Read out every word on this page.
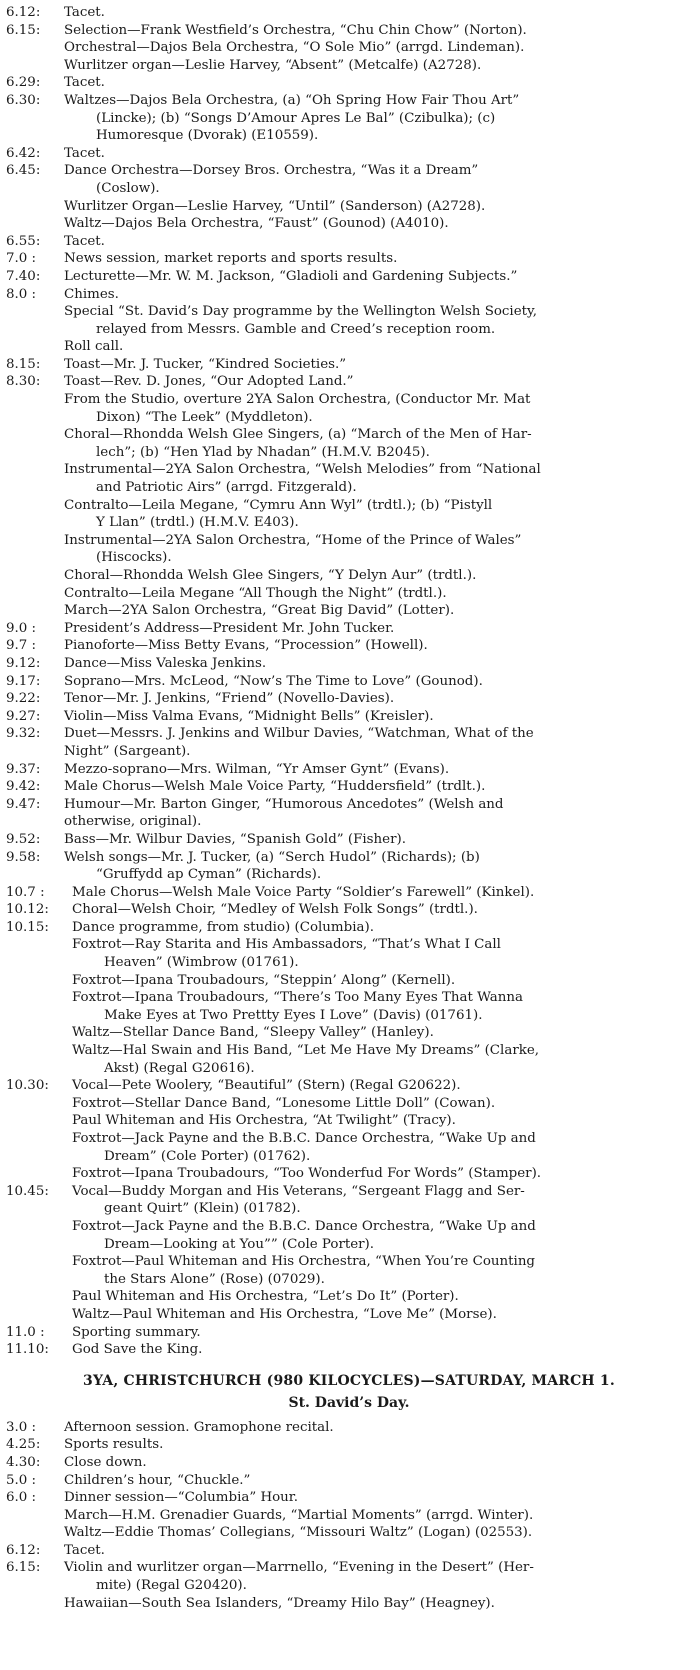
6.12:	Tacet.
6.15:	Selection—Frank Westfield’s Orchestra, “Chu Chin Chow” (Norton).
Orchestral—Dajos Bela Orchestra, “O Sole Mio” (arrgd. Lindeman).
Wurlitzer organ—Leslie Harvey, “Absent” (Metcalfe) (A2728).
6.29:	Tacet.
6.30:	Waltzes—Dajos Bela Orchestra, (a) “Oh Spring How Fair Thou Art”
(Lincke); (b) “Songs D’Amour Apres Le Bal” (Czibulka); (c)
Humoresque (Dvorak) (E10559).
6.42:	Tacet.
6.45:	Dance Orchestra—Dorsey Bros. Orchestra, “Was it a Dream”
(Coslow).
Wurlitzer Organ—Leslie Harvey, “Until” (Sanderson) (A2728).
Waltz—Dajos Bela Orchestra, “Faust” (Gounod) (A4010).
6.55:	Tacet.
7.0 :	News session, market reports and sports results.
7.40:	Lecturette—Mr. W. M. Jackson, “Gladioli and Gardening Subjects.”
8.0 :	Chimes.
Special “St. David’s Day programme by the Wellington Welsh Society,
relayed from Messrs. Gamble and Creed’s reception room.
Roll call.
8.15:	Toast—Mr. J. Tucker, “Kindred Societies.”
8.30:	Toast—Rev. D. Jones, “Our Adopted Land.”
From the Studio, overture 2YA Salon Orchestra, (Conductor Mr. Mat
Dixon) “The Leek” (Myddleton).
Choral—Rhondda Welsh Glee Singers, (a) “March of the Men of Har-
lech”; (b) “Hen Ylad by Nhadan” (H.M.V. B2045).
Instrumental—2YA Salon Orchestra, “Welsh Melodies” from “National
and Patriotic Airs” (arrgd. Fitzgerald).
Contralto—Leila Megane, “Cymru Ann Wyl” (trdtl.); (b) “Pistyll
Y Llan” (trdtl.) (H.M.V. E403).
Instrumental—2YA Salon Orchestra, “Home of the Prince of Wales”
(Hiscocks).
Choral—Rhondda Welsh Glee Singers, “Y Delyn Aur” (trdtl.).
Contralto—Leila Megane “All Though the Night” (trdtl.).
March—2YA Salon Orchestra, “Great Big David” (Lotter).
9.0 :	President’s Address—President Mr. John Tucker.
9.7 :	Pianoforte—Miss Betty Evans, “Procession” (Howell).
9.12:	Dance—Miss Valeska Jenkins.
9.17:	Soprano—Mrs. McLeod, “Now’s The Time to Love” (Gounod).
9.22:	Tenor—Mr. J. Jenkins, “Friend” (Novello-Davies).
9.27:	Violin—Miss Valma Evans, “Midnight Bells” (Kreisler).
9.32:	Duet—Messrs. J. Jenkins and Wilbur Davies, “Watchman, What of the
Night” (Sargeant).
9.37:	Mezzo-soprano—Mrs. Wilman, “Yr Amser Gynt” (Evans).
9.42:	Male Chorus—Welsh Male Voice Party, “Huddersfield” (trdlt.).
9.47:	Humour—Mr. Barton Ginger, “Humorous Ancedotes” (Welsh and
otherwise, original).
9.52:	Bass—Mr. Wilbur Davies, “Spanish Gold” (Fisher).
9.58:	Welsh songs—Mr. J. Tucker, (a) “Serch Hudol” (Richards); (b)
“Gruffydd ap Cyman” (Richards).
10.7 :	Male Chorus—Welsh Male Voice Party “Soldier’s Farewell” (Kinkel).
10.12:	Choral—Welsh Choir, “Medley of Welsh Folk Songs” (trdtl.).
10.15:	Dance programme, from studio) (Columbia).
Foxtrot—Ray Starita and His Ambassadors, “That’s What I Call
Heaven” (Wimbrow (01761).
Foxtrot—Ipana Troubadours, “Steppin’ Along” (Kernell).
Foxtrot—Ipana Troubadours, “There’s Too Many Eyes That Wanna
Make Eyes at Two Prettty Eyes I Love” (Davis) (01761).
Waltz—Stellar Dance Band, “Sleepy Valley” (Hanley).
Waltz—Hal Swain and His Band, “Let Me Have My Dreams” (Clarke,
Akst) (Regal G20616).
10.30:	Vocal—Pete Woolery, “Beautiful” (Stern) (Regal G20622).
Foxtrot—Stellar Dance Band, “Lonesome Little Doll” (Cowan).
Paul Whiteman and His Orchestra, “At Twilight” (Tracy).
Foxtrot—Jack Payne and the B.B.C. Dance Orchestra, “Wake Up and
Dream” (Cole Porter) (01762).
Foxtrot—Ipana Troubadours, “Too Wonderfud For Words” (Stamper).
10.45:	Vocal—Buddy Morgan and His Veterans, “Sergeant Flagg and Ser-
geant Quirt” (Klein) (01782).
Foxtrot—Jack Payne and the B.B.C. Dance Orchestra, “Wake Up and
Dream—Looking at You”” (Cole Porter).
Foxtrot—Paul Whiteman and His Orchestra, “When You’re Counting
the Stars Alone” (Rose) (07029).
Paul Whiteman and His Orchestra, “Let’s Do It” (Porter).
Waltz—Paul Whiteman and His Orchestra, “Love Me” (Morse).
11.0 :	Sporting summary.
11.10:	God Save the King.
3YA, CHRISTCHURCH (980 KILOCYCLES)—SATURDAY, MARCH 1.
St. David’s Day.
3.0 :	Afternoon session. Gramophone recital.
4.25:	Sports results.
4.30:	Close down.
5.0 :	Children’s hour, “Chuckle.”
6.0 :	Dinner session—“Columbia” Hour.
March—H.M. Grenadier Guards, “Martial Moments” (arrgd. Winter).
Waltz—Eddie Thomas’ Collegians, “Missouri Waltz” (Logan) (02553).
6.12:	Tacet.
6.15:	Violin and wurlitzer organ—Marrnello, “Evening in the Desert” (Her-
mite) (Regal G20420).
Hawaiian—South Sea Islanders, “Dreamy Hilo Bay” (Heagney).
